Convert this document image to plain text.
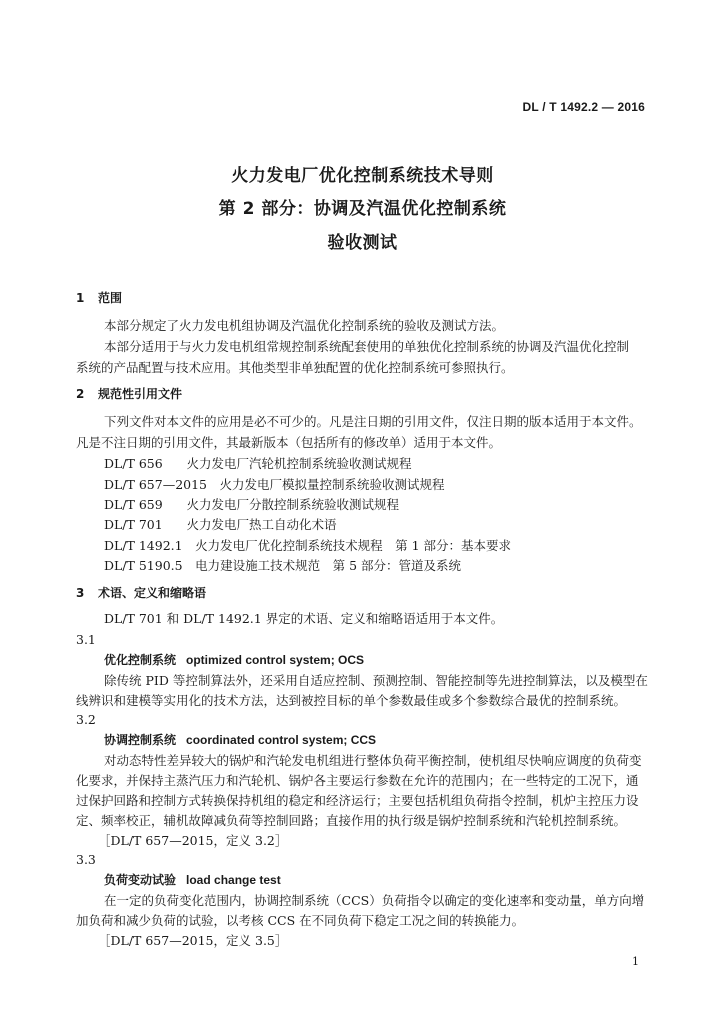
DL / T 1492.2 — 2016
火力发电厂优化控制系统技术导则
第 2 部分：协调及汽温优化控制系统
验收测试
1 范围
本部分规定了火力发电机组协调及汽温优化控制系统的验收及测试方法。
本部分适用于与火力发电机组常规控制系统配套使用的单独优化控制系统的协调及汽温优化控制
系统的产品配置与技术应用。其他类型非单独配置的优化控制系统可参照执行。
2 规范性引用文件
下列文件对本文件的应用是必不可少的。凡是注日期的引用文件，仅注日期的版本适用于本文件。
凡是不注日期的引用文件，其最新版本（包括所有的修改单）适用于本文件。
DL/T 656　 火力发电厂汽轮机控制系统验收测试规程
DL/T 657—2015　 火力发电厂模拟量控制系统验收测试规程
DL/T 659　 火力发电厂分散控制系统验收测试规程
DL/T 701　 火力发电厂热工自动化术语
DL/T 1492.1　 火力发电厂优化控制系统技术规程　第 1 部分：基本要求
DL/T 5190.5　 电力建设施工技术规范　第 5 部分：管道及系统
3 术语、定义和缩略语
DL/T 701 和 DL/T 1492.1 界定的术语、定义和缩略语适用于本文件。
3.1
优化控制系统 optimized control system; OCS
除传统 PID 等控制算法外，还采用自适应控制、预测控制、智能控制等先进控制算法，以及模型在
线辨识和建模等实用化的技术方法，达到被控目标的单个参数最佳或多个参数综合最优的控制系统。
3.2
协调控制系统 coordinated control system; CCS
对动态特性差异较大的锅炉和汽轮发电机组进行整体负荷平衡控制，使机组尽快响应调度的负荷变
化要求，并保持主蒸汽压力和汽轮机、锅炉各主要运行参数在允许的范围内；在一些特定的工况下，通
过保护回路和控制方式转换保持机组的稳定和经济运行；主要包括机组负荷指令控制，机炉主控压力设
定、频率校正，辅机故障减负荷等控制回路；直接作用的执行级是锅炉控制系统和汽轮机控制系统。
［DL/T 657—2015，定义 3.2］
3.3
负荷变动试验 load change test
在一定的负荷变化范围内，协调控制系统（CCS）负荷指令以确定的变化速率和变动量，单方向增
加负荷和减少负荷的试验，以考核 CCS 在不同负荷下稳定工况之间的转换能力。
［DL/T 657—2015，定义 3.5］
1
